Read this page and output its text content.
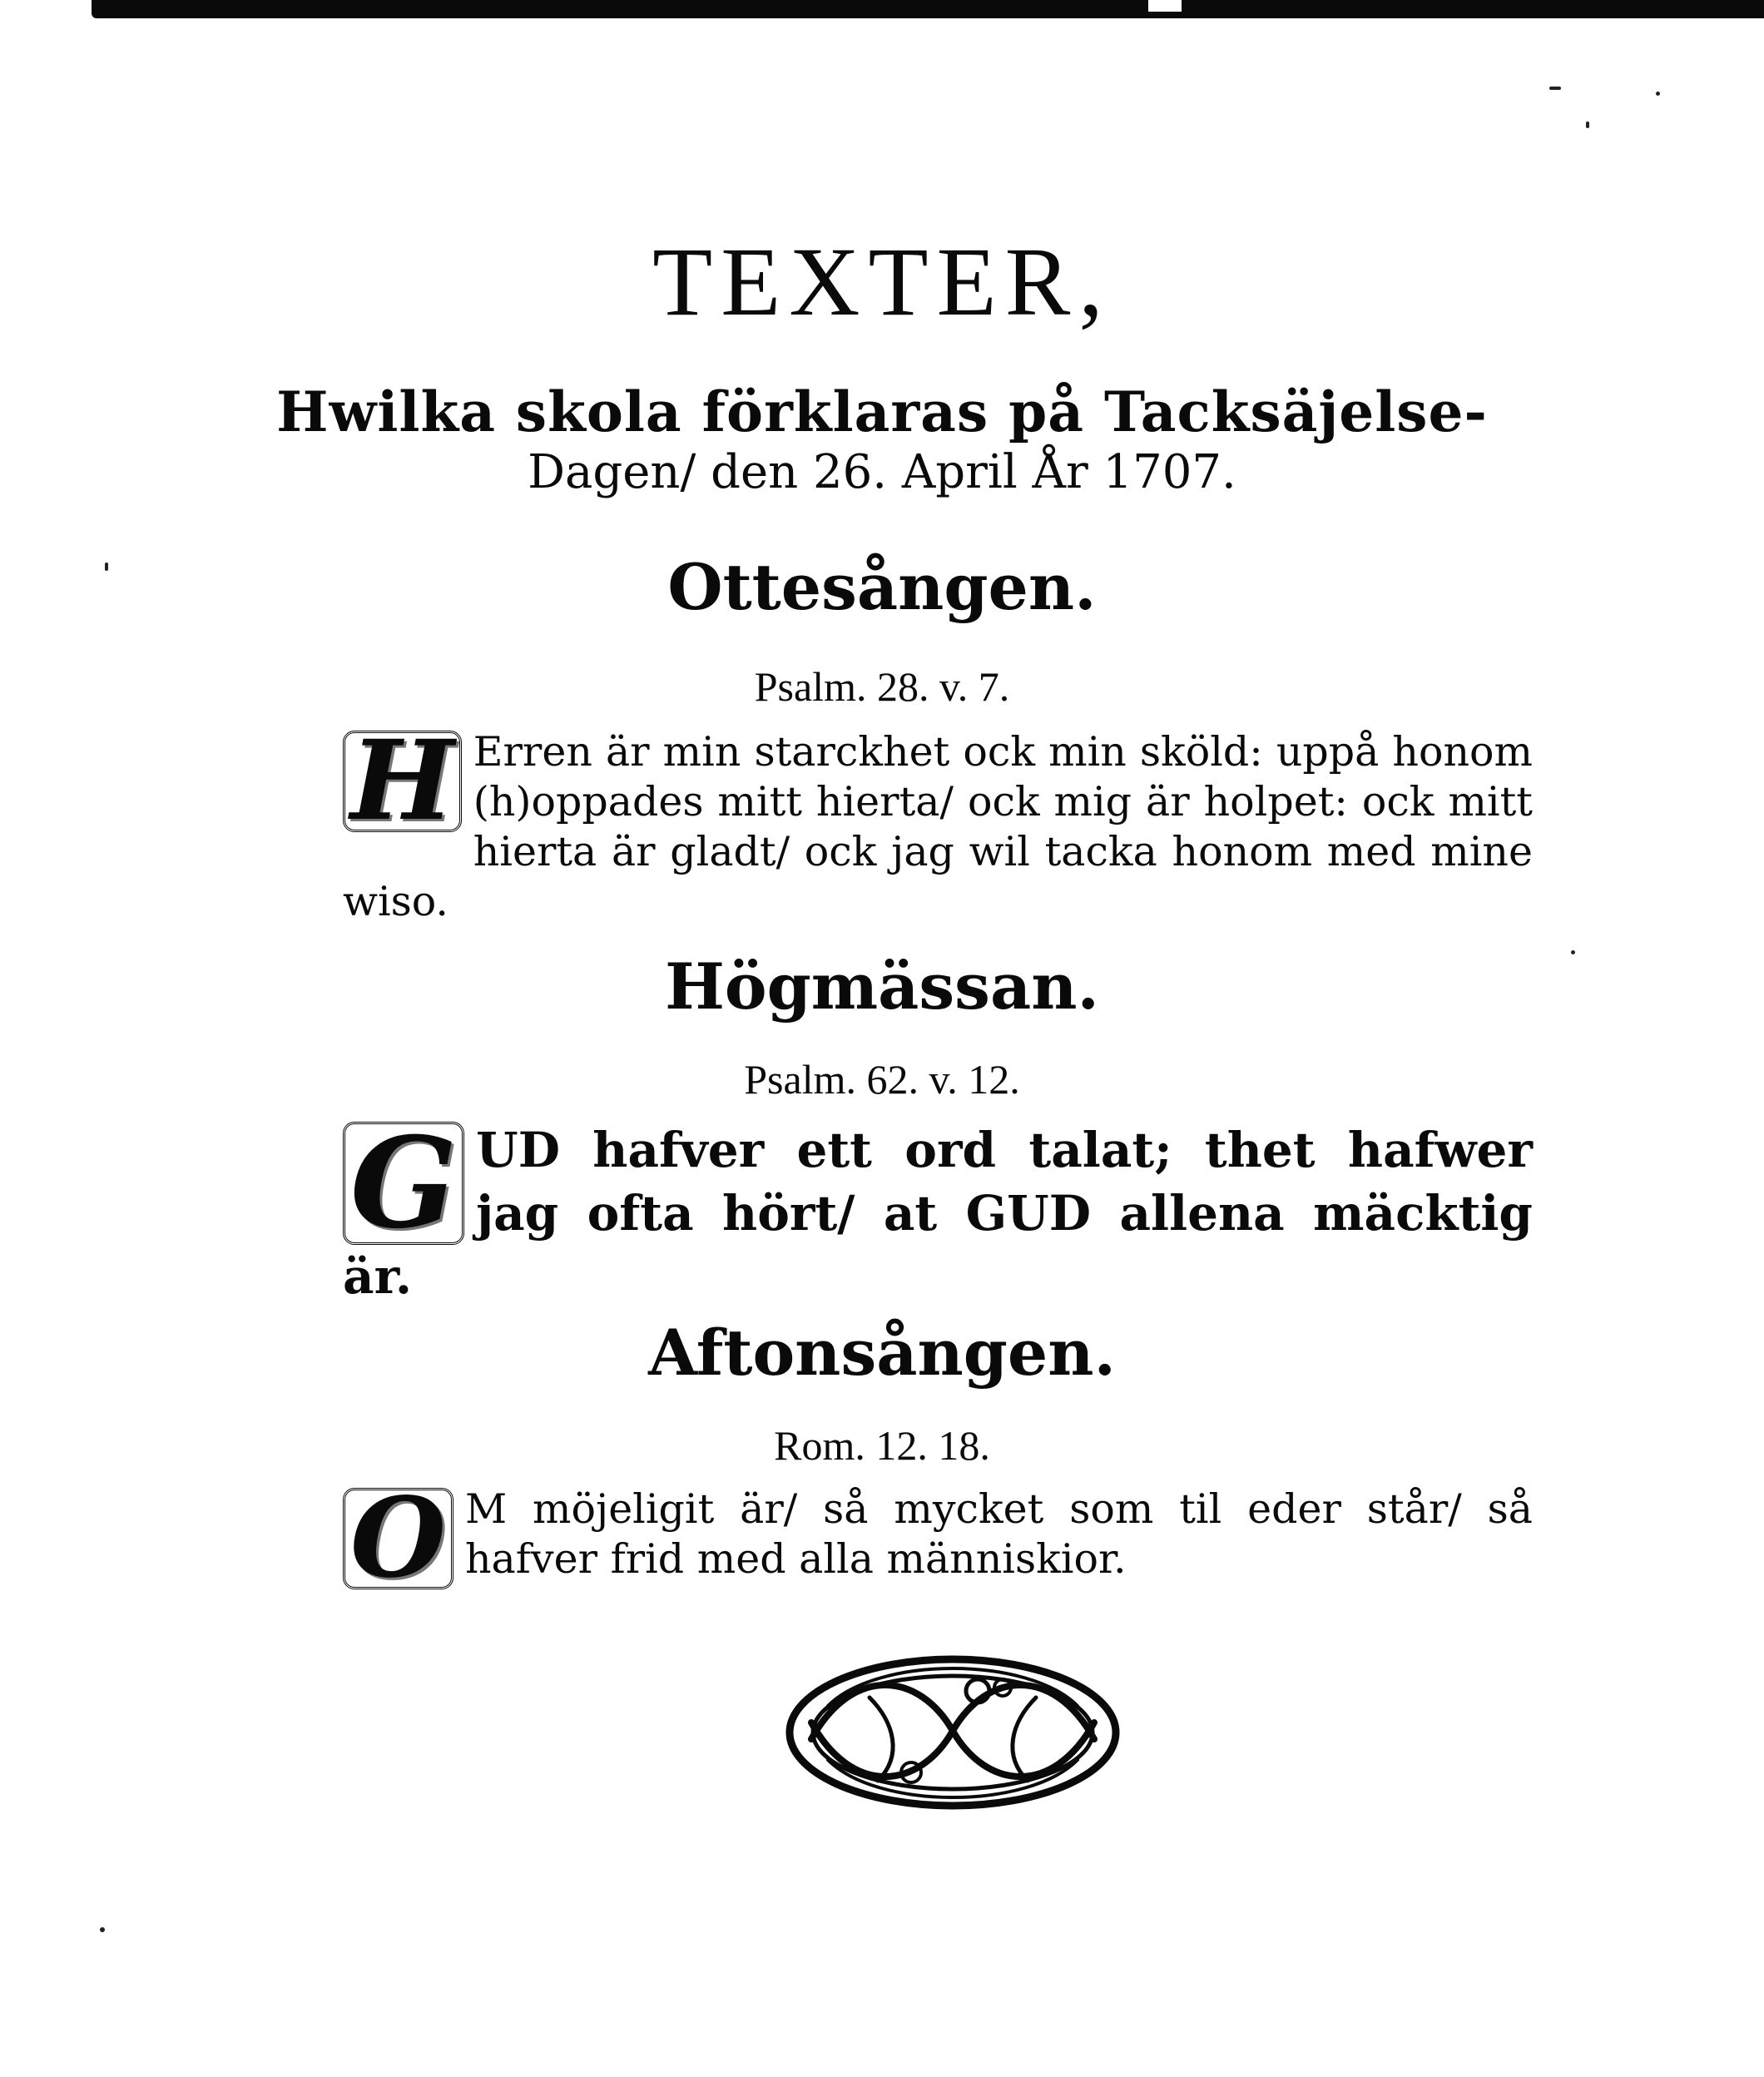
TEXTER,
Hwilka skola förklaras på Tacksäjelse-
Dagen/ den 26. April År 1707.
Ottesången.
Psalm. 28. v. 7.
H Erren är min starckhet ock min sköld: uppå honom (h)oppades mitt hierta/ ock mig är holpet: ock mitt hierta är gladt/ ock jag wil tacka honom med mine wiso.
Högmässan.
Psalm. 62. v. 12.
G UD hafver ett ord talat; thet hafwer jag ofta hört/ at GUD allena mäcktig är.
Aftonsången.
Rom. 12. 18.
O M möjeligit är/ så mycket som til eder står/ så hafver frid med alla människior.
